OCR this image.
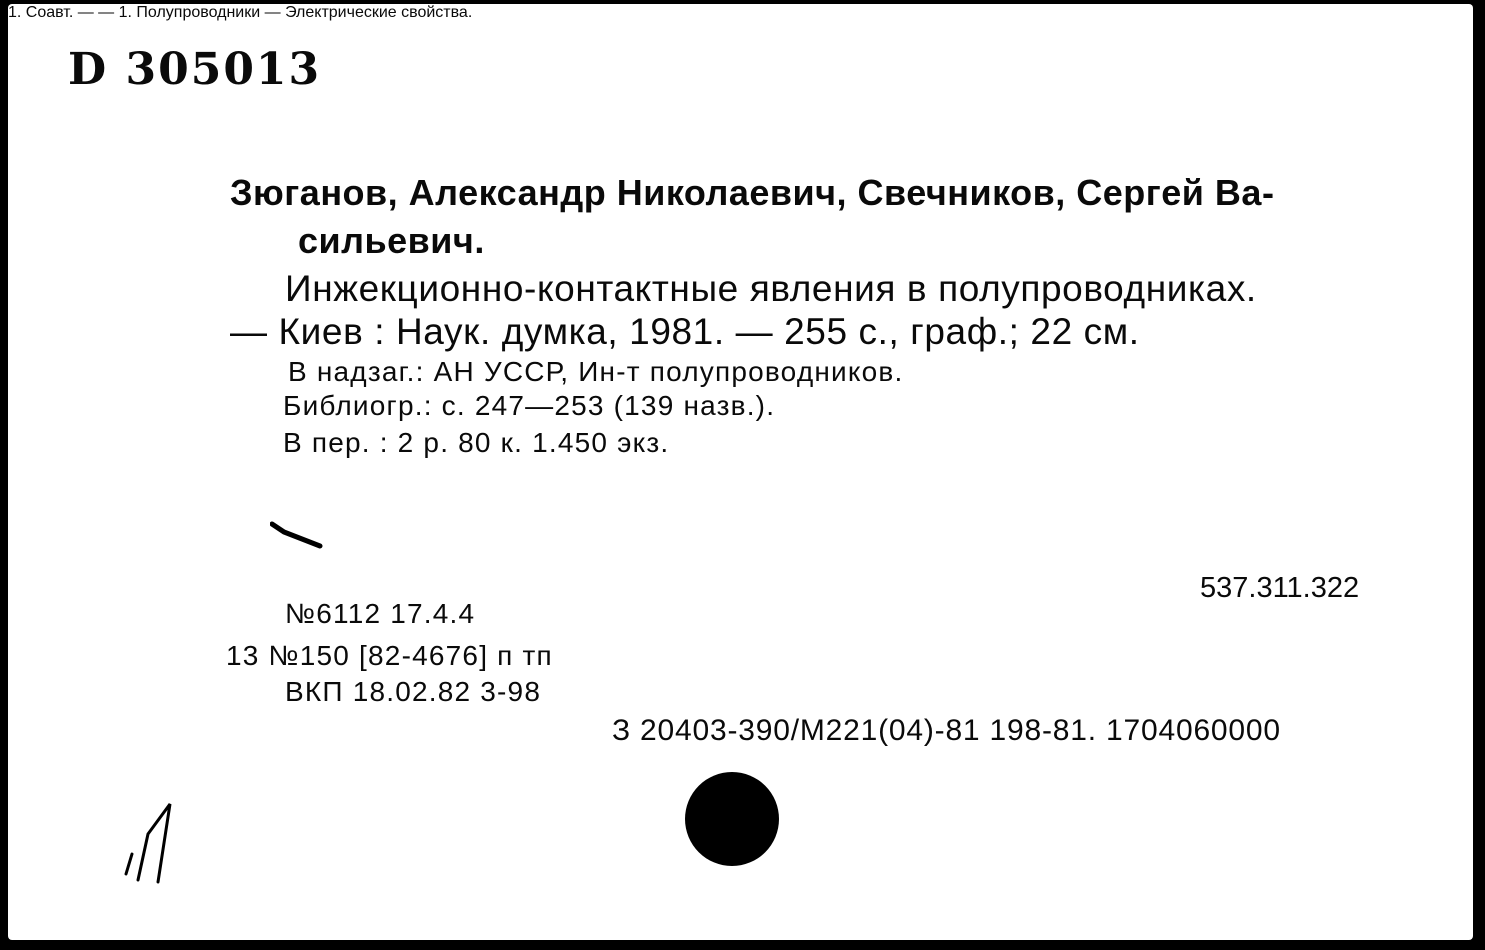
D 305013
Зюганов, Александр Николаевич, Свечников, Сергей Ва-
сильевич.
Инжекционно-контактные явления в полупроводниках.
— Киев : Наук. думка, 1981. — 255 с., граф.; 22 см.
В надзаг.: АН УССР, Ин-т полупроводников.
Библиогр.: с. 247—253 (139 назв.).
В пер. : 2 р. 80 к. 1.450 экз.
1. Соавт. — — 1. Полупроводники — Электрические свойства.
537.311.322
№6112 17.4.4
13 №150 [82-4676] п тп
ВКП 18.02.82 3-98
З 20403-390/М221(04)-81 198-81. 1704060000
